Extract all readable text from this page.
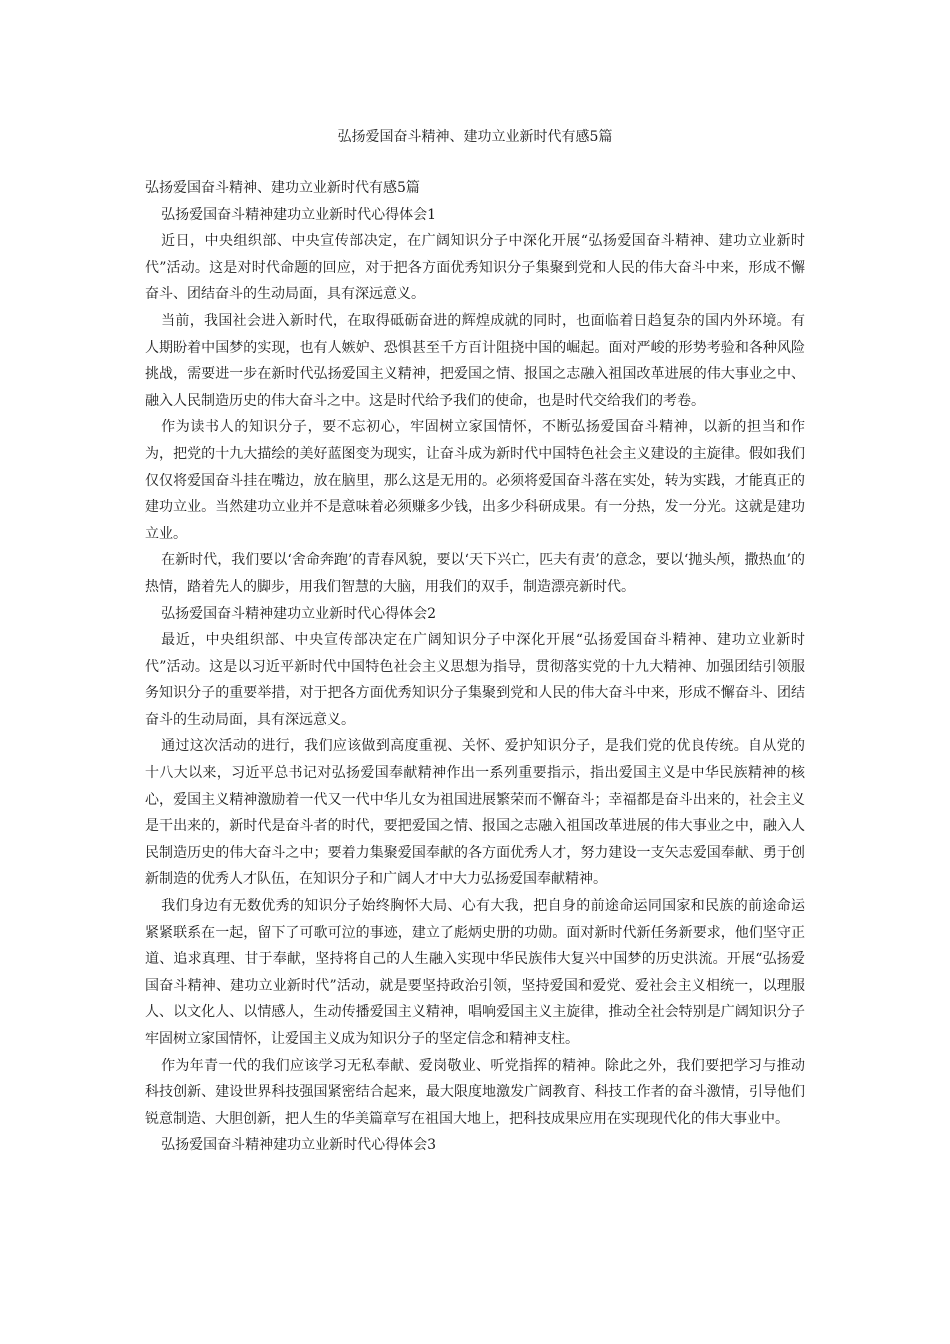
弘扬爱国奋斗精神、建功立业新时代有感5篇

弘扬爱国奋斗精神、建功立业新时代有感5篇

弘扬爱国奋斗精神建功立业新时代心得体会1

近日，中央组织部、中央宣传部决定，在广阔知识分子中深化开展“弘扬爱国奋斗精神、建功立业新时代”活动。这是对时代命题的回应，对于把各方面优秀知识分子集聚到党和人民的伟大奋斗中来，形成不懈奋斗、团结奋斗的生动局面，具有深远意义。

当前，我国社会进入新时代，在取得砥砺奋进的辉煌成就的同时，也面临着日趋复杂的国内外环境。有人期盼着中国梦的实现，也有人嫉妒、恐惧甚至千方百计阻挠中国的崛起。面对严峻的形势考验和各种风险挑战，需要进一步在新时代弘扬爱国主义精神，把爱国之情、报国之志融入祖国改革进展的伟大事业之中、融入人民制造历史的伟大奋斗之中。这是时代给予我们的使命，也是时代交给我们的考卷。

作为读书人的知识分子，要不忘初心，牢固树立家国情怀，不断弘扬爱国奋斗精神，以新的担当和作为，把党的十九大描绘的美好蓝图变为现实，让奋斗成为新时代中国特色社会主义建设的主旋律。假如我们仅仅将爱国奋斗挂在嘴边，放在脑里，那么这是无用的。必须将爱国奋斗落在实处，转为实践，才能真正的建功立业。当然建功立业并不是意味着必须赚多少钱，出多少科研成果。有一分热，发一分光。这就是建功立业。

在新时代，我们要以‘舍命奔跑’的青春风貌，要以‘天下兴亡，匹夫有责’的意念，要以‘抛头颅，撒热血’的热情，踏着先人的脚步，用我们智慧的大脑，用我们的双手，制造漂亮新时代。

弘扬爱国奋斗精神建功立业新时代心得体会2

最近，中央组织部、中央宣传部决定在广阔知识分子中深化开展“弘扬爱国奋斗精神、建功立业新时代”活动。这是以习近平新时代中国特色社会主义思想为指导，贯彻落实党的十九大精神、加强团结引领服务知识分子的重要举措，对于把各方面优秀知识分子集聚到党和人民的伟大奋斗中来，形成不懈奋斗、团结奋斗的生动局面，具有深远意义。

通过这次活动的进行，我们应该做到高度重视、关怀、爱护知识分子，是我们党的优良传统。自从党的十八大以来，习近平总书记对弘扬爱国奉献精神作出一系列重要指示，指出爱国主义是中华民族精神的核心，爱国主义精神激励着一代又一代中华儿女为祖国进展繁荣而不懈奋斗；幸福都是奋斗出来的，社会主义是干出来的，新时代是奋斗者的时代，要把爱国之情、报国之志融入祖国改革进展的伟大事业之中，融入人民制造历史的伟大奋斗之中；要着力集聚爱国奉献的各方面优秀人才，努力建设一支矢志爱国奉献、勇于创新制造的优秀人才队伍，在知识分子和广阔人才中大力弘扬爱国奉献精神。

我们身边有无数优秀的知识分子始终胸怀大局、心有大我，把自身的前途命运同国家和民族的前途命运紧紧联系在一起，留下了可歌可泣的事迹，建立了彪炳史册的功勋。面对新时代新任务新要求，他们坚守正道、追求真理、甘于奉献，坚持将自己的人生融入实现中华民族伟大复兴中国梦的历史洪流。开展“弘扬爱国奋斗精神、建功立业新时代”活动，就是要坚持政治引领，坚持爱国和爱党、爱社会主义相统一，以理服人、以文化人、以情感人，生动传播爱国主义精神，唱响爱国主义主旋律，推动全社会特别是广阔知识分子牢固树立家国情怀，让爱国主义成为知识分子的坚定信念和精神支柱。

作为年青一代的我们应该学习无私奉献、爱岗敬业、听党指挥的精神。除此之外，我们要把学习与推动科技创新、建设世界科技强国紧密结合起来，最大限度地激发广阔教育、科技工作者的奋斗激情，引导他们锐意制造、大胆创新，把人生的华美篇章写在祖国大地上，把科技成果应用在实现现代化的伟大事业中。

弘扬爱国奋斗精神建功立业新时代心得体会3
